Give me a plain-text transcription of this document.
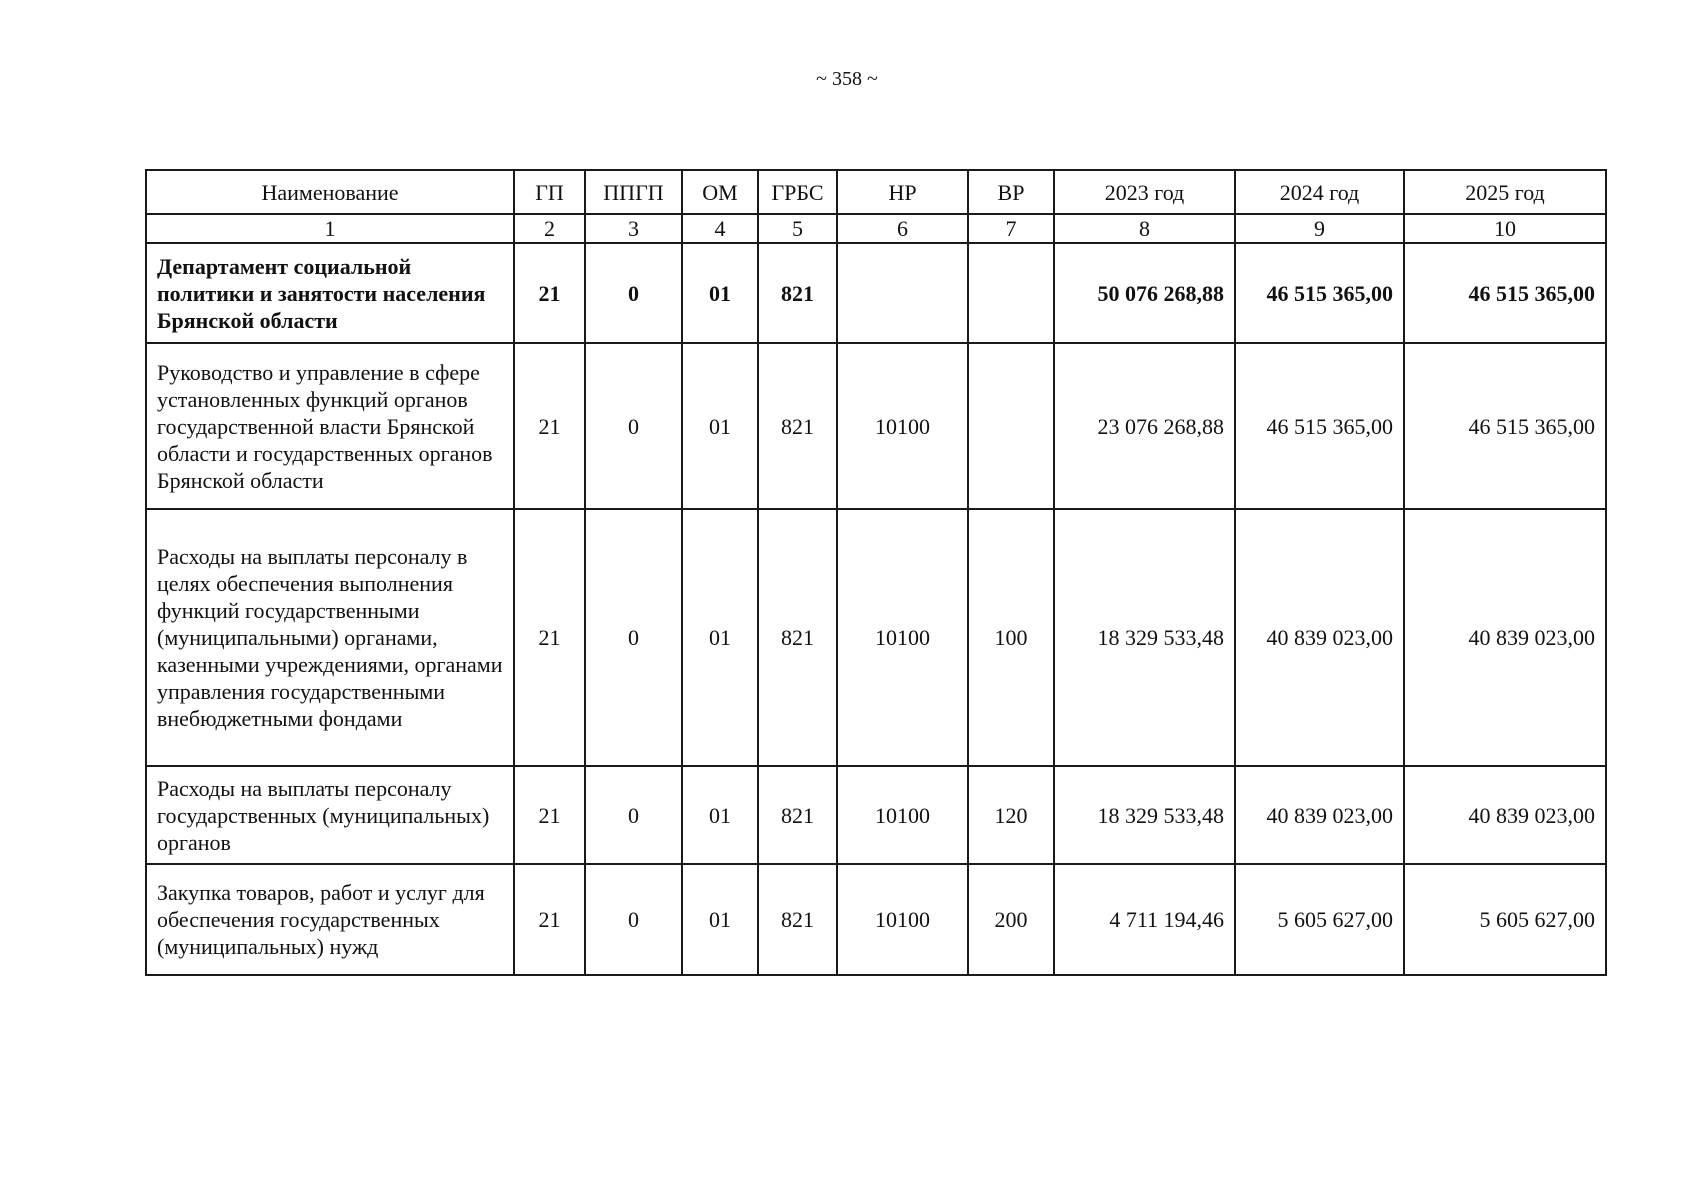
~ 358 ~
Наименование	ГП	ППГП	ОМ	ГРБС	НР	ВР	2023 год	2024 год	2025 год
1	2	3	4	5	6	7	8	9	10
Департамент социальной политики и занятости населения Брянской области	21	0	01	821			50 076 268,88	46 515 365,00	46 515 365,00
Руководство и управление в сфере установленных функций органов государственной власти Брянской области и государственных органов Брянской области	21	0	01	821	10100		23 076 268,88	46 515 365,00	46 515 365,00
Расходы на выплаты персоналу в целях обеспечения выполнения функций государственными (муниципальными) органами, казенными учреждениями, органами управления государственными внебюджетными фондами	21	0	01	821	10100	100	18 329 533,48	40 839 023,00	40 839 023,00
Расходы на выплаты персоналу государственных (муниципальных) органов	21	0	01	821	10100	120	18 329 533,48	40 839 023,00	40 839 023,00
Закупка товаров, работ и услуг для обеспечения государственных (муниципальных) нужд	21	0	01	821	10100	200	4 711 194,46	5 605 627,00	5 605 627,00
